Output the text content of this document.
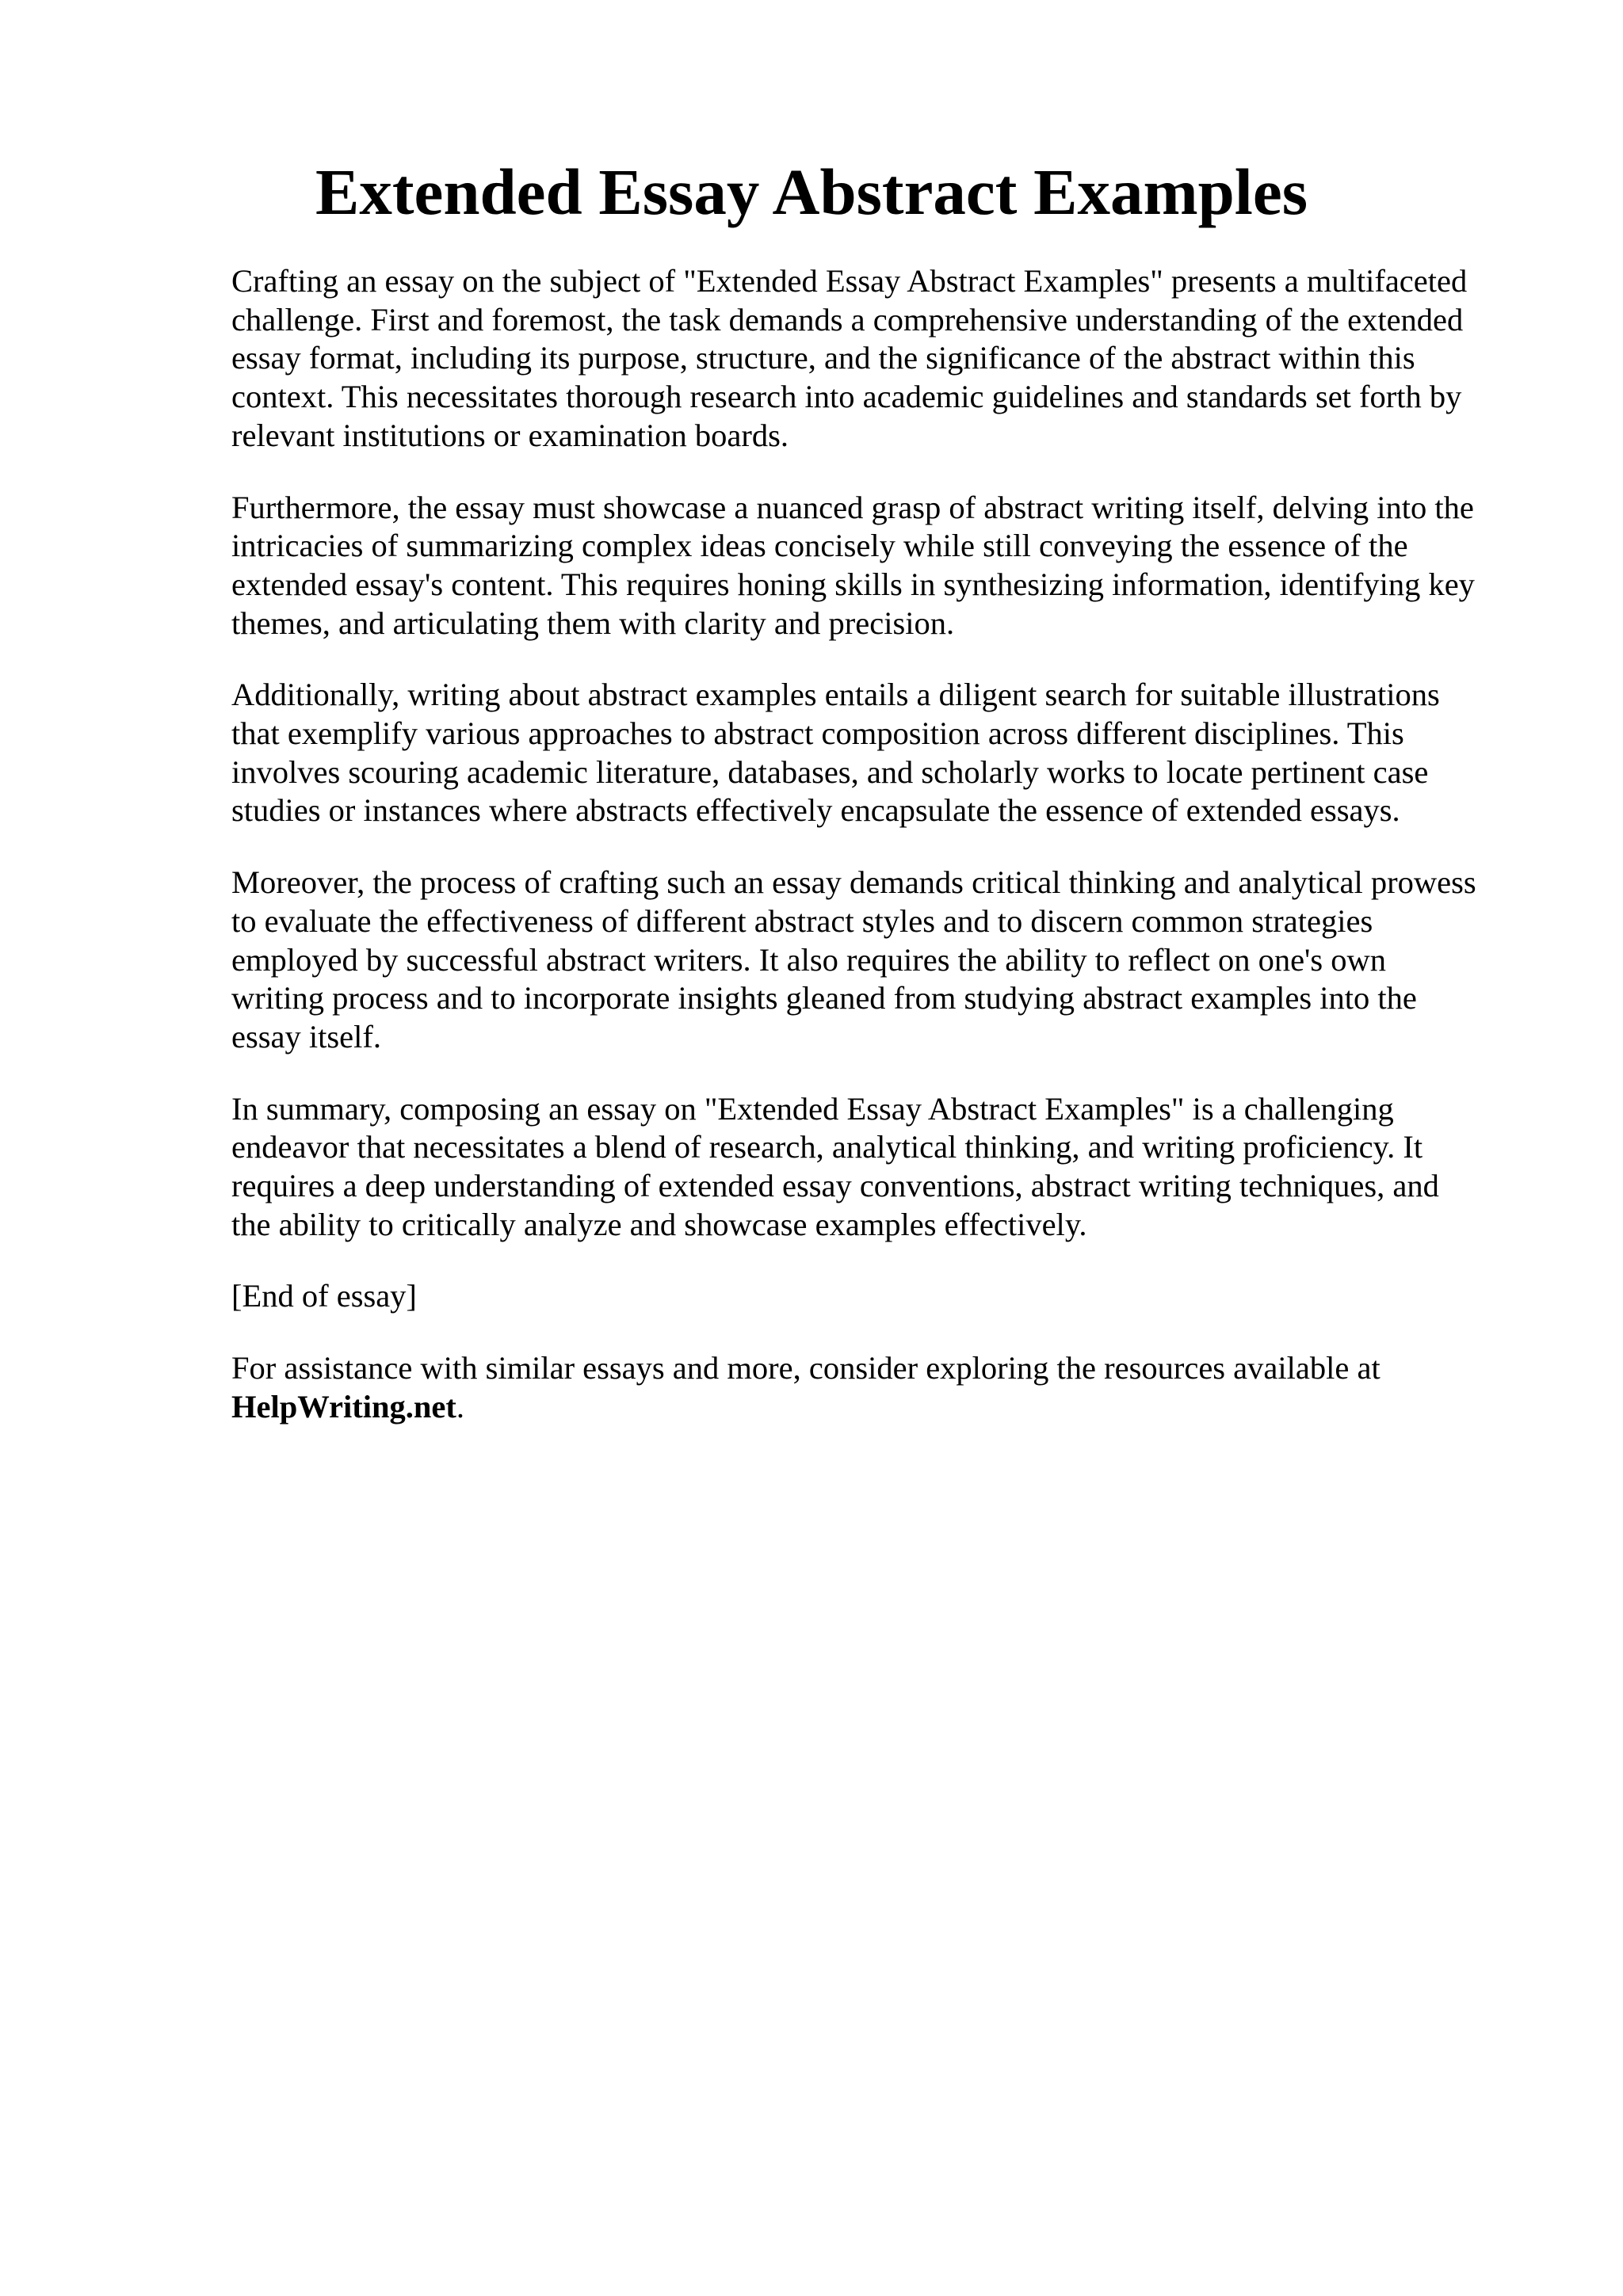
Extended Essay Abstract Examples

Crafting an essay on the subject of "Extended Essay Abstract Examples" presents a multifaceted
challenge. First and foremost, the task demands a comprehensive understanding of the extended
essay format, including its purpose, structure, and the significance of the abstract within this
context. This necessitates thorough research into academic guidelines and standards set forth by
relevant institutions or examination boards.

Furthermore, the essay must showcase a nuanced grasp of abstract writing itself, delving into the
intricacies of summarizing complex ideas concisely while still conveying the essence of the
extended essay's content. This requires honing skills in synthesizing information, identifying key
themes, and articulating them with clarity and precision.

Additionally, writing about abstract examples entails a diligent search for suitable illustrations
that exemplify various approaches to abstract composition across different disciplines. This
involves scouring academic literature, databases, and scholarly works to locate pertinent case
studies or instances where abstracts effectively encapsulate the essence of extended essays.

Moreover, the process of crafting such an essay demands critical thinking and analytical prowess
to evaluate the effectiveness of different abstract styles and to discern common strategies
employed by successful abstract writers. It also requires the ability to reflect on one's own
writing process and to incorporate insights gleaned from studying abstract examples into the
essay itself.

In summary, composing an essay on "Extended Essay Abstract Examples" is a challenging
endeavor that necessitates a blend of research, analytical thinking, and writing proficiency. It
requires a deep understanding of extended essay conventions, abstract writing techniques, and
the ability to critically analyze and showcase examples effectively.

[End of essay]

For assistance with similar essays and more, consider exploring the resources available at
HelpWriting.net.
